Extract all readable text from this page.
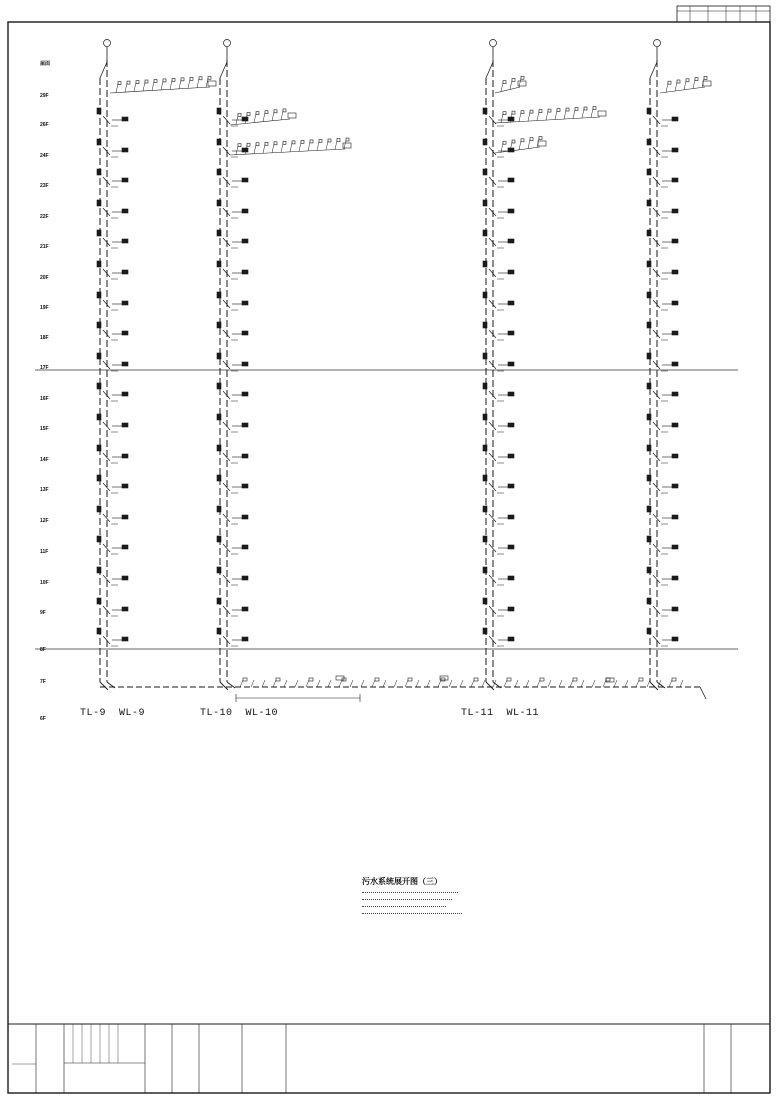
屋面
29F
26F
24F
23F
22F
21F
20F
19F
18F
17F
16F
15F
14F
13F
12F
11F
10F
9F
8F
7F
6F	TL-9 WL-9	TL-10 WL-10	TL-11 WL-11
污水系统展开图（三）
